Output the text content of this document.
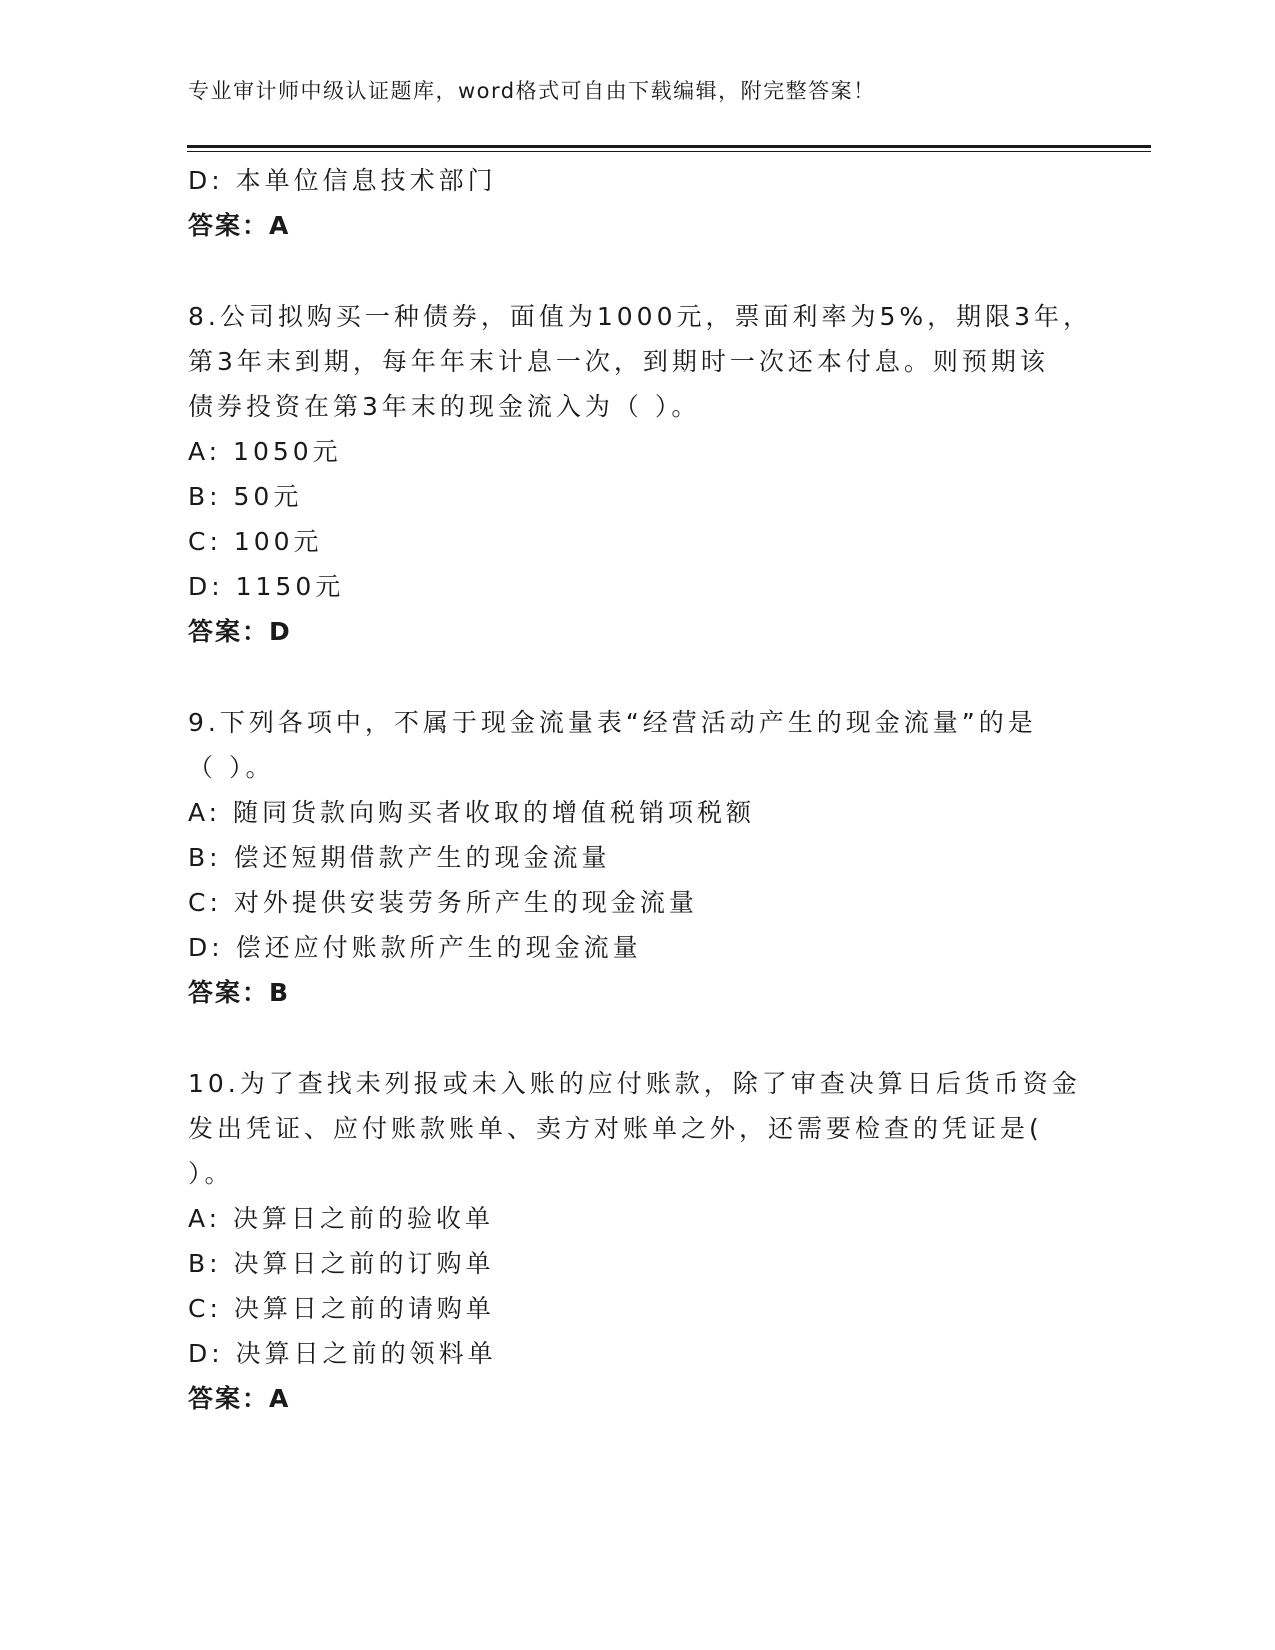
专业审计师中级认证题库，word格式可自由下载编辑，附完整答案！
D: 本单位信息技术部门
答案：A
8.公司拟购买一种债券，面值为1000元，票面利率为5%，期限3年，
第3年末到期，每年年末计息一次，到期时一次还本付息。则预期该
债券投资在第3年末的现金流入为（ ）。
A: 1050元
B: 50元
C: 100元
D: 1150元
答案：D
9.下列各项中，不属于现金流量表“经营活动产生的现金流量”的是
（ ）。
A: 随同货款向购买者收取的增值税销项税额
B: 偿还短期借款产生的现金流量
C: 对外提供安装劳务所产生的现金流量
D: 偿还应付账款所产生的现金流量
答案：B
10.为了查找未列报或未入账的应付账款，除了审查决算日后货币资金
发出凭证、应付账款账单、卖方对账单之外，还需要检查的凭证是(
）。
A: 决算日之前的验收单
B: 决算日之前的订购单
C: 决算日之前的请购单
D: 决算日之前的领料单
答案：A
